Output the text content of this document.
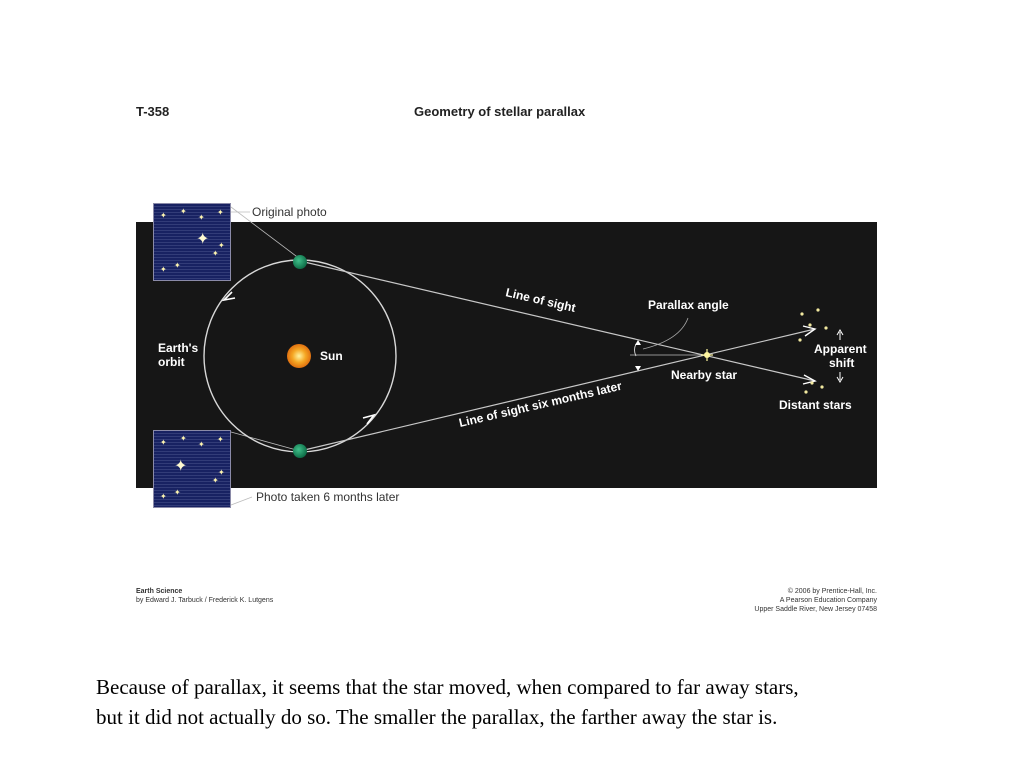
T-358	Geometry of stellar parallax
Line of sight
Line of sight six months later
✦ ✦
✦
✦
✦
✦
✦
✦
✦
✦ ✦
✦
✦
✦
✦
✦
✦
✦
Original photo
Photo taken 6 months later
Earth's
orbit	Sun
Parallax angle
Nearby star
Apparent
shift
Distant stars
Earth Science
by Edward J. Tarbuck / Frederick K. Lutgens
© 2006 by Prentice-Hall, Inc.
A Pearson Education Company
Upper Saddle River, New Jersey 07458
Because of parallax, it seems that the star moved, when compared to far away stars,
but it did not actually do so. The smaller the parallax, the farther away the star is.
